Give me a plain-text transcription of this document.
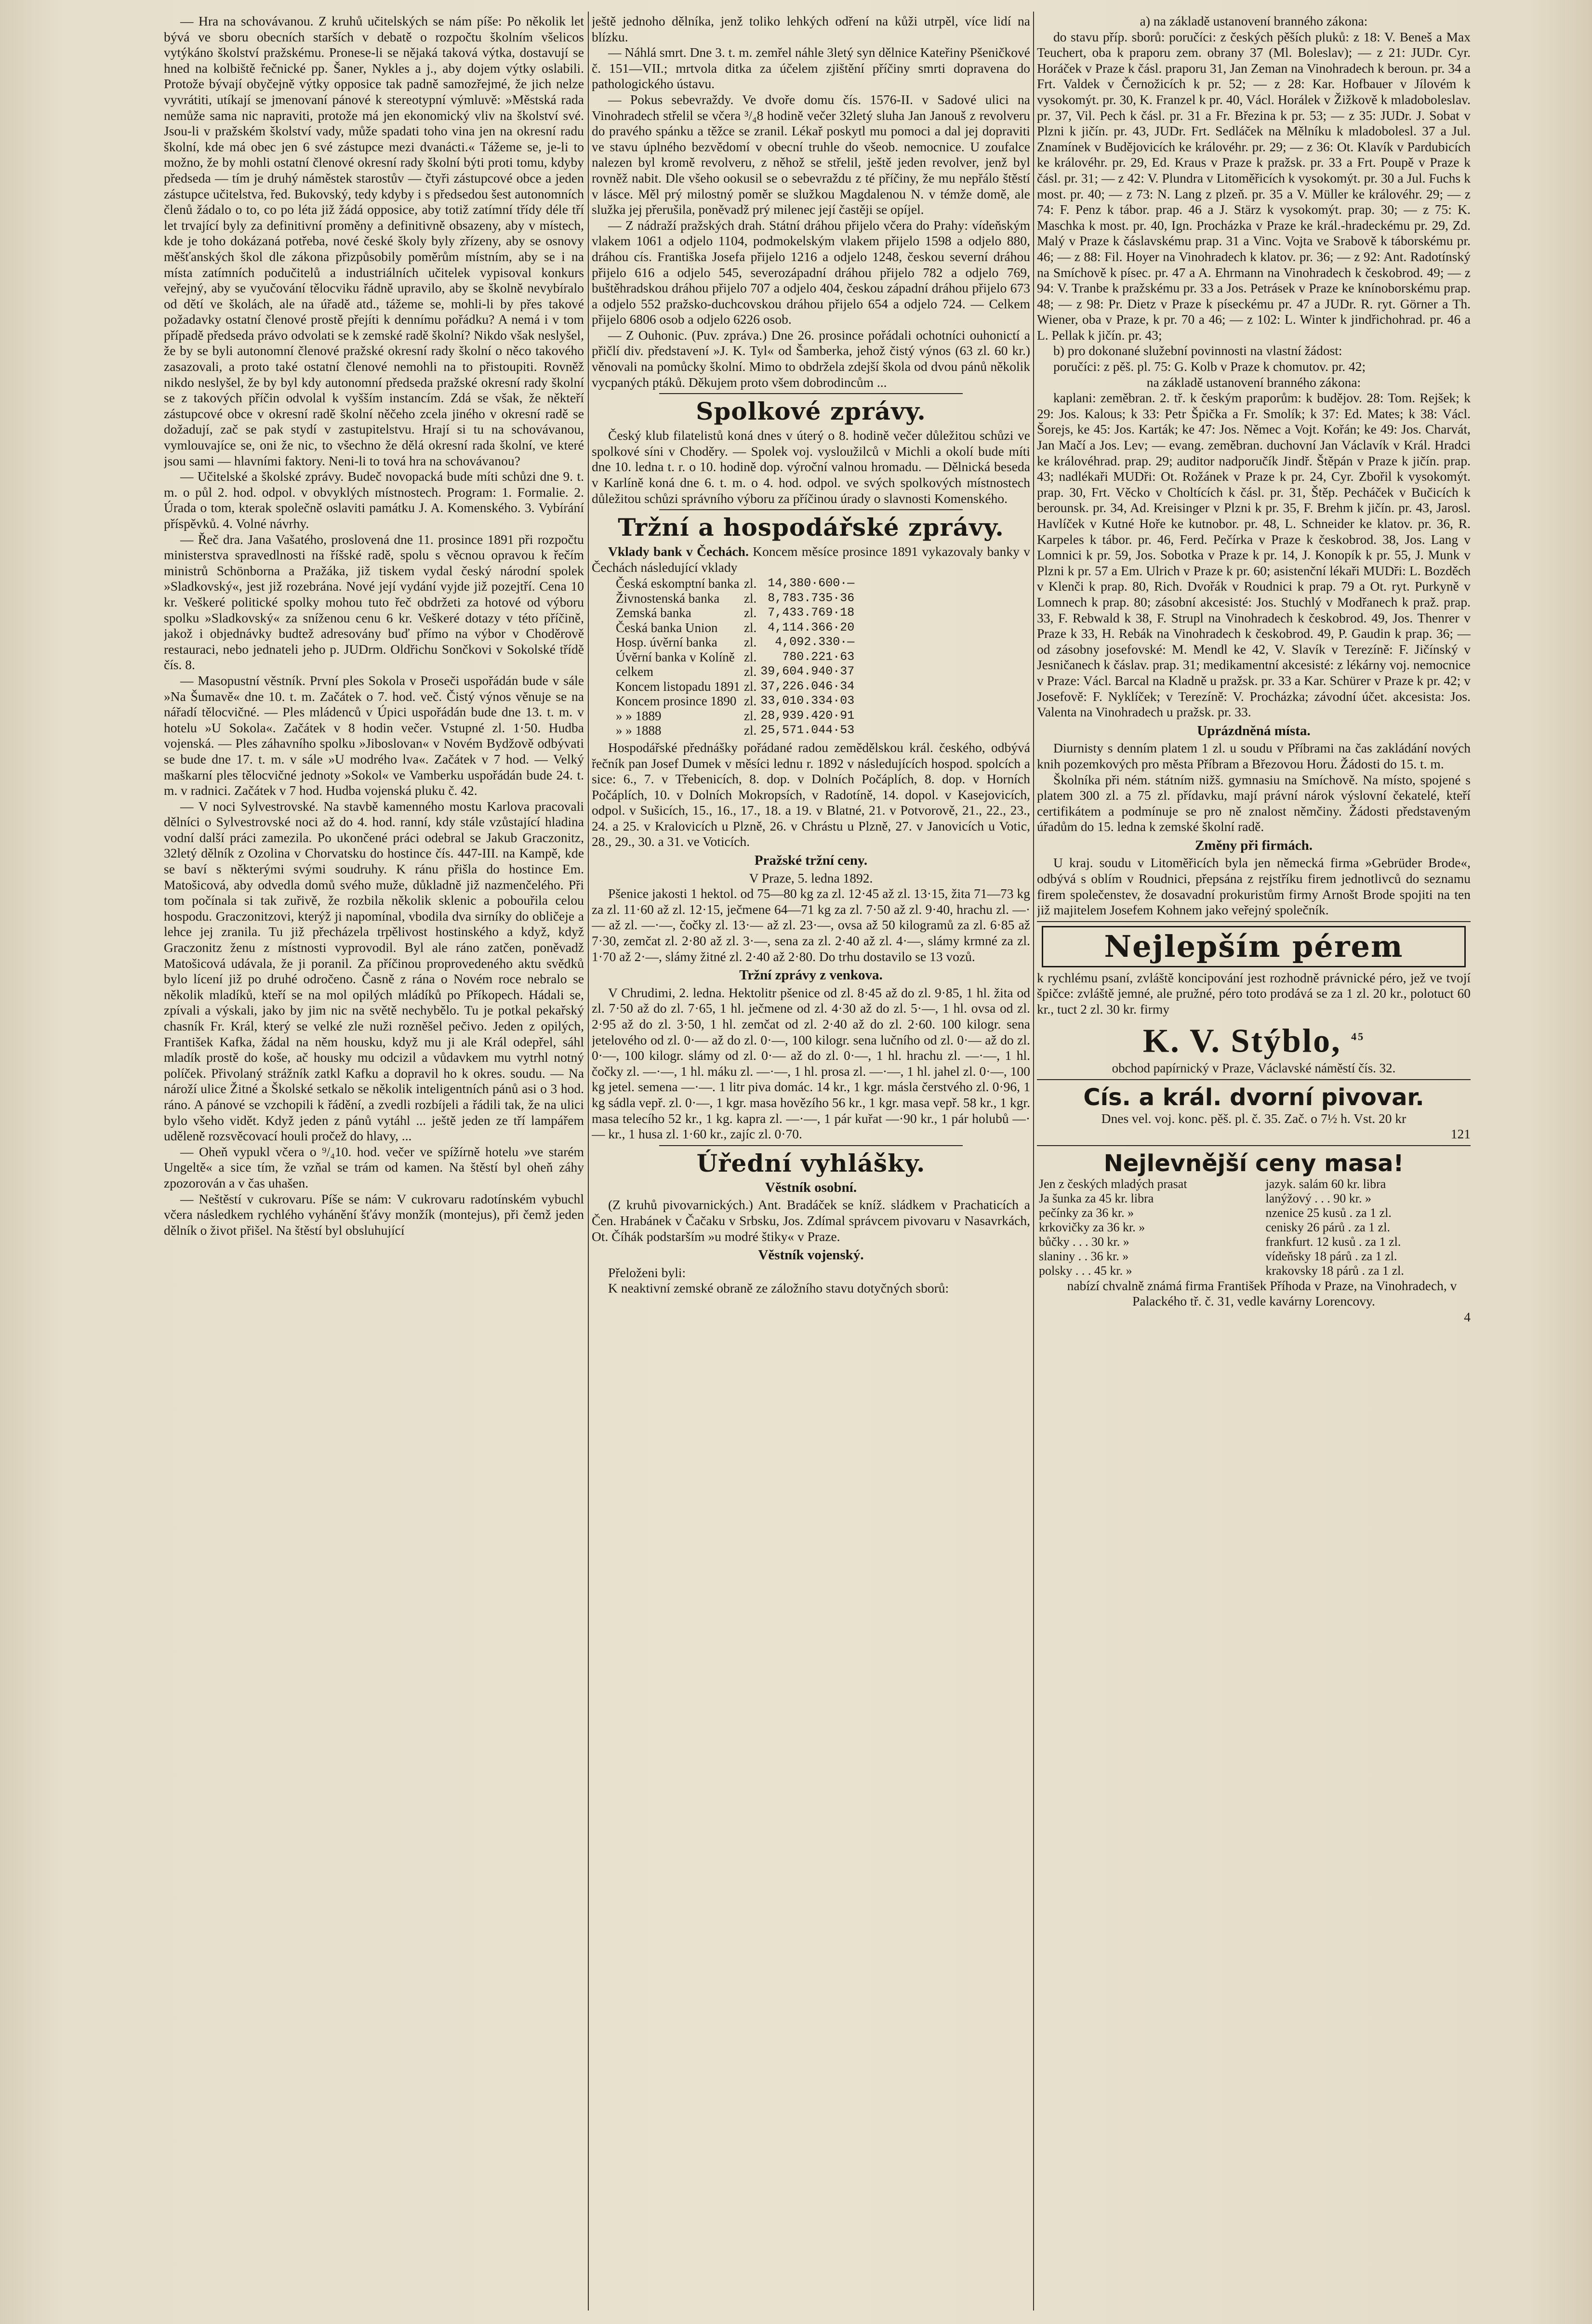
— Hra na schovávanou. Z kruhů učitelských se nám píše: Po několik let bývá ve sboru obecních starších v debatě o rozpočtu školním všelicos vytýkáno školství pražskému. Pronese-li se nějaká taková výtka, dostavují se hned na kolbiště řečnické pp. Šaner, Nykles a j., aby dojem výtky oslabili. Protože bývají obyčejně výtky opposice tak padně samozřejmé, že jich nelze vyvrátiti, utíkají se jmenovaní pánové k stereotypní výmluvě: »Městská rada nemůže sama nic napraviti, protože má jen ekonomický vliv na školství své. Jsou-li v pražském školství vady, může spadati toho vina jen na okresní radu školní, kde má obec jen 6 své zástupce mezi dvanácti.« Tážeme se, je-li to možno, že by mohli ostatní členové okresní rady školní býti proti tomu, kdyby předseda — tím je druhý náměstek starostův — čtyři zástupcové obce a jeden zástupce učitelstva, řed. Bukovský, tedy kdyby i s předsedou šest autonomních členů žádalo o to, co po léta již žádá opposice, aby totiž zatímní třídy déle tří let trvající byly za definitivní proměny a definitivně obsazeny, aby v místech, kde je toho dokázaná potřeba, nové české školy byly zřízeny, aby se osnovy měšťanských škol dle zákona přizpůsobily poměrům místním, aby se i na místa zatímních podučitelů a industriálních učitelek vypisoval konkurs veřejný, aby se vyučování tělocviku řádně upravilo, aby se školně nevybíralo od dětí ve školách, ale na úřadě atd., tážeme se, mohli-li by přes takové požadavky ostatní členové prostě přejíti k dennímu pořádku? A nemá i v tom případě předseda právo odvolati se k zemské radě školní? Nikdo však neslyšel, že by se byli autonomní členové pražské okresní rady školní o něco takového zasazovali, a proto také ostatní členové nemohli na to přistoupiti. Rovněž nikdo neslyšel, že by byl kdy autonomní předseda pražské okresní rady školní se z takových příčin odvolal k vyšším instancím. Zdá se však, že někteří zástupcové obce v okresní radě školní něčeho zcela jiného v okresní radě se dožadují, zač se pak stydí v zastupitelstvu. Hrají si tu na schovávanou, vymlouvajíce se, oni že nic, to všechno že dělá okresní rada školní, ve které jsou sami — hlavními faktory. Neni-li to tová hra na schovávanou?

— Učitelské a školské zprávy. Budeč novopacká bude míti schůzi dne 9. t. m. o půl 2. hod. odpol. v obvyklých místnostech. Program: 1. Formalie. 2. Úrada o tom, kterak společně oslaviti památku J. A. Komenského. 3. Vybírání příspěvků. 4. Volné návrhy.

— Řeč dra. Jana Vašatého, proslovená dne 11. prosince 1891 při rozpočtu ministerstva spravedlnosti na říšské radě, spolu s věcnou opravou k řečím ministrů Schönborna a Pražáka, již tiskem vydal český národní spolek »Sladkovský«, jest již rozebrána. Nové její vydání vyjde již pozejtří. Cena 10 kr. Veškeré politické spolky mohou tuto řeč obdržeti za hotové od výboru spolku »Sladkovský« za sníženou cenu 6 kr. Veškeré dotazy v této příčině, jakož i objednávky budtež adresovány buď přímo na výbor v Choděrově restauraci, nebo jednateli jeho p. JUDrm. Oldřichu Sončkovi v Sokolské třídě čís. 8.

— Masopustní věstník. První ples Sokola v Proseči uspořádán bude v sále »Na Šumavě« dne 10. t. m. Začátek o 7. hod. več. Čistý výnos věnuje se na nářadí tělocvičné. — Ples mládenců v Úpici uspořádán bude dne 13. t. m. v hotelu »U Sokola«. Začátek v 8 hodin večer. Vstupné zl. 1·50. Hudba vojenská. — Ples záhavního spolku »Jiboslovan« v Novém Bydžově odbývati se bude dne 17. t. m. v sále »U modrého lva«. Začátek v 7 hod. — Velký maškarní ples tělocvičné jednoty »Sokol« ve Vamberku uspořádán bude 24. t. m. v radnici. Začátek v 7 hod. Hudba vojenská pluku č. 42.

— V noci Sylvestrovské. Na stavbě kamenného mostu Karlova pracovali dělníci o Sylvestrovské noci až do 4. hod. ranní, kdy stále vzůstající hladina vodní další práci zamezila. Po ukončené práci odebral se Jakub Graczonitz, 32letý dělník z Ozolina v Chorvatsku do hostince čís. 447-III. na Kampě, kde se baví s některými svými soudruhy. K ránu přišla do hostince Em. Matošicová, aby odvedla domů svého muže, důkladně již nazmenčelého. Při tom počínala si tak zuřivě, že rozbila několik sklenic a pobouřila celou hospodu. Graczonitzovi, kterýž ji napomínal, vbodila dva sirníky do obličeje a lehce jej zranila. Tu již přecházela trpělivost hostinského a když, když Graczonitz ženu z místnosti vyprovodil. Byl ale ráno zatčen, poněvadž Matošicová udávala, že ji poranil. Za příčinou proprovedeného aktu svědků bylo lícení již po druhé odročeno. Časně z rána o Novém roce nebralo se několik mladíků, kteří se na mol opilých mládíků po Příkopech. Hádali se, zpívali a výskali, jako by jim nic na světě nechybělo. Tu je potkal pekařský chasník Fr. Král, který se velké zle nuži rozněšel pečivo. Jeden z opilých, František Kafka, žádal na něm housku, když mu ji ale Král odepřel, sáhl mladík prostě do koše, ač housky mu odcizil a vůdavkem mu vytrhl notný políček. Přivolaný strážník zatkl Kafku a dopravil ho k okres. soudu. — Na nároží ulice Žitné a Školské setkalo se několik inteligentních pánů asi o 3 hod. ráno. A pánové se vzchopili k řádění, a zvedli rozbíjeli a řádili tak, že na ulici bylo všeho vidět. Když jeden z pánů vytáhl ... ještě jeden ze tří lampářem uděleně rozsvěcovací houli pročež do hlavy, ...

— Oheň vypukl včera o ⁹/₄10. hod. večer ve spížírně hotelu »ve starém Ungeltě« a sice tím, že vzňal se trám od kamen. Na štěstí byl oheň záhy zpozorován a v čas uhašen.

— Neštěstí v cukrovaru. Píše se nám: V cukrovaru radotínském vybuchl včera následkem rychlého vyhánění šťávy monžík (montejus), při čemž jeden dělník o život přišel. Na štěstí byl obsluhující

ještě jednoho dělníka, jenž toliko lehkých odření na kůži utrpěl, více lidí na blízku.

— Náhlá smrt. Dne 3. t. m. zemřel náhle 3letý syn dělnice Kateřiny Pšeničkové č. 151—VII.; mrtvola ditka za účelem zjištění příčiny smrti dopravena do pathologického ústavu.

— Pokus sebevraždy. Ve dvoře domu čís. 1576-II. v Sadové ulici na Vinohradech střelil se včera ³/₄8 hodině večer 32letý sluha Jan Janouš z revolveru do pravého spánku a těžce se zranil. Lékař poskytl mu pomoci a dal jej dopraviti ve stavu úplného bezvědomí v obecní truhle do všeob. nemocnice. U zoufalce nalezen byl kromě revolveru, z něhož se střelil, ještě jeden revolver, jenž byl rovněž nabit. Dle všeho ookusil se o sebevraždu z té příčiny, že mu nepřálo štěstí v lásce. Měl prý milostný poměr se služkou Magdalenou N. v témže domě, ale služka jej přerušila, poněvadž prý milenec její častěji se opíjel.

— Z nádraží pražských drah. Státní dráhou přijelo včera do Prahy: vídeňským vlakem 1061 a odjelo 1104, podmokelským vlakem přijelo 1598 a odjelo 880, dráhou cís. Františka Josefa přijelo 1216 a odjelo 1248, českou severní dráhou přijelo 616 a odjelo 545, severozápadní dráhou přijelo 782 a odjelo 769, buštěhradskou dráhou přijelo 707 a odjelo 404, českou západní dráhou přijelo 673 a odjelo 552 pražsko-duchcovskou dráhou přijelo 654 a odjelo 724. — Celkem přijelo 6806 osob a odjelo 6226 osob.

— Z Ouhonic. (Puv. zpráva.) Dne 26. prosince pořádali ochotníci ouhonictí a přičlí div. představení »J. K. Tyl« od Šamberka, jehož čistý výnos (63 zl. 60 kr.) věnovali na pomůcky školní. Mimo to obdržela zdejší škola od dvou pánů několik vycpaných ptáků. Děkujem proto všem dobrodincům ...

Spolkové zprávy.

Český klub filatelistů koná dnes v úterý o 8. hodině večer důležitou schůzi ve spolkové síni v Choděry. — Spolek voj. vysloužilců v Michli a okolí bude míti dne 10. ledna t. r. o 10. hodině dop. výroční valnou hromadu. — Dělnická beseda v Karlíně koná dne 6. t. m. o 4. hod. odpol. ve svých spolkových místnostech důležitou schůzi správního výboru za příčinou úrady o slavnosti Komenského.

Tržní a hospodářské zprávy.

Vklady bank v Čechách. Koncem měsíce prosince 1891 vykazovaly banky v Čechách následující vklady

Česká eskomptní banka	zl.	14,380·600·—
Živnostenská banka	zl.	8,783.735·36
Zemská banka	zl.	7,433.769·18
Česká banka Union	zl.	4,114.366·20
Hosp. úvěrní banka	zl.	4,092.330·—
Úvěrní banka v Kolíně	zl.	780.221·63
celkem	zl.	39,604.940·37
Koncem listopadu 1891	zl.	37,226.046·34
Koncem prosince 1890	zl.	33,010.334·03
» » 1889	zl.	28,939.420·91
» » 1888	zl.	25,571.044·53

Hospodářské přednášky pořádané radou zemědělskou král. českého, odbývá řečník pan Josef Dumek v měsíci lednu r. 1892 v následujících hospod. spolcích a sice: 6., 7. v Třebenicích, 8. dop. v Dolních Počáplích, 8. dop. v Horních Počáplích, 10. v Dolních Mokropsích, v Radotíně, 14. dopol. v Kasejovicích, odpol. v Sušicích, 15., 16., 17., 18. a 19. v Blatné, 21. v Potvorově, 21., 22., 23., 24. a 25. v Kralovicích u Plzně, 26. v Chrástu u Plzně, 27. v Janovicích u Votic, 28., 29., 30. a 31. ve Voticích.

Pražské tržní ceny.
V Praze, 5. ledna 1892.

Pšenice jakosti 1 hektol. od 75—80 kg za zl. 12·45 až zl. 13·15, žita 71—73 kg za zl. 11·60 až zl. 12·15, ječmene 64—71 kg za zl. 7·50 až zl. 9·40, hrachu zl. —·— až zl. —·—, čočky zl. 13·— až zl. 23·—, ovsa až 50 kilogramů za zl. 6·85 až 7·30, zemčat zl. 2·80 až zl. 3·—, sena za zl. 2·40 až zl. 4·—, slámy krmné za zl. 1·70 až 2·—, slámy žitné zl. 2·40 až 2·80. Do trhu dostavilo se 13 vozů.

Tržní zprávy z venkova.

V Chrudimi, 2. ledna. Hektolitr pšenice od zl. 8·45 až do zl. 9·85, 1 hl. žita od zl. 7·50 až do zl. 7·65, 1 hl. ječmene od zl. 4·30 až do zl. 5·—, 1 hl. ovsa od zl. 2·95 až do zl. 3·50, 1 hl. zemčat od zl. 2·40 až do zl. 2·60. 100 kilogr. sena jetelového od zl. 0·— až do zl. 0·—, 100 kilogr. sena lučního od zl. 0·— až do zl. 0·—, 100 kilogr. slámy od zl. 0·— až do zl. 0·—, 1 hl. hrachu zl. —·—, 1 hl. čočky zl. —·—, 1 hl. máku zl. —·—, 1 hl. prosa zl. —·—, 1 hl. jahel zl. 0·—, 100 kg jetel. semena —·—. 1 litr piva domác. 14 kr., 1 kgr. másla čerstvého zl. 0·96, 1 kg sádla vepř. zl. 0·—, 1 kgr. masa hovězího 56 kr., 1 kgr. masa vepř. 58 kr., 1 kgr. masa telecího 52 kr., 1 kg. kapra zl. —·—, 1 pár kuřat —·90 kr., 1 pár holubů —·— kr., 1 husa zl. 1·60 kr., zajíc zl. 0·70.

Úřední vyhlášky.
Věstník osobní.

(Z kruhů pivovarnických.) Ant. Bradáček se kníž. sládkem v Prachaticích a Čen. Hrabánek v Čačaku v Srbsku, Jos. Zdímal správcem pivovaru v Nasavrkách, Ot. Číhák podstarším »u modré štiky« v Praze.

Věstník vojenský.

Přeloženi byli:

K neaktivní zemské obraně ze záložního stavu dotyčných sborů:

a) na základě ustanovení branného zákona:

do stavu příp. sborů: poručíci: z českých pěších pluků: z 18: V. Beneš a Max Teuchert, oba k praporu zem. obrany 37 (Ml. Boleslav); — z 21: JUDr. Cyr. Horáček v Praze k čásl. praporu 31, Jan Zeman na Vinohradech k beroun. pr. 34 a Frt. Valdek v Černožicích k pr. 52; — z 28: Kar. Hofbauer v Jílovém k vysokomýt. pr. 30, K. Franzel k pr. 40, Václ. Horálek v Žižkově k mladoboleslav. pr. 37, Vil. Pech k čásl. pr. 31 a Fr. Březina k pr. 53; — z 35: JUDr. J. Sobat v Plzni k jičín. pr. 43, JUDr. Frt. Sedláček na Mělníku k mladobolesl. 37 a Jul. Znamínek v Budějovicích ke královéhr. pr. 29; — z 36: Ot. Klavík v Pardubicích ke královéhr. pr. 29, Ed. Kraus v Praze k pražsk. pr. 33 a Frt. Poupě v Praze k čásl. pr. 31; — z 42: V. Plundra v Litoměřicích k vysokomýt. pr. 30 a Jul. Fuchs k most. pr. 40; — z 73: N. Lang z plzeň. pr. 35 a V. Müller ke královéhr. 29; — z 74: F. Penz k tábor. prap. 46 a J. Stärz k vysokomýt. prap. 30; — z 75: K. Maschka k most. pr. 40, Ign. Procházka v Praze ke král.-hradeckému pr. 29, Zd. Malý v Praze k čáslavskému prap. 31 a Vinc. Vojta ve Srabově k táborskému pr. 46; — z 88: Fil. Hoyer na Vinohradech k klatov. pr. 36; — z 92: Ant. Radotínský na Smíchově k písec. pr. 47 a A. Ehrmann na Vinohradech k českobrod. 49; — z 94: V. Tranbe k pražskému pr. 33 a Jos. Petrásek v Praze ke knínoborskému prap. 48; — z 98: Pr. Dietz v Praze k píseckému pr. 47 a JUDr. R. ryt. Görner a Th. Wiener, oba v Praze, k pr. 70 a 46; — z 102: L. Winter k jindřichohrad. pr. 46 a L. Pellak k jičín. pr. 43;

b) pro dokonané služební povinnosti na vlastní žádost:

poručíci: z pěš. pl. 75: G. Kolb v Praze k chomutov. pr. 42;

na základě ustanovení branného zákona:

kaplani: zeměbran. 2. tř. k českým praporům: k budějov. 28: Tom. Rejšek; k 29: Jos. Kalous; k 33: Petr Špička a Fr. Smolík; k 37: Ed. Mates; k 38: Václ. Šorejs, ke 45: Jos. Karták; ke 47: Jos. Němec a Vojt. Kořán; ke 49: Jos. Charvát, Jan Mačí a Jos. Lev; — evang. zeměbran. duchovní Jan Václavík v Král. Hradci ke královéhrad. prap. 29; auditor nadporučík Jindř. Štěpán v Praze k jičín. prap. 43; nadlékaři MUDři: Ot. Rožánek v Praze k pr. 24, Cyr. Zbořil k vysokomýt. prap. 30, Frt. Věcko v Choltících k čásl. pr. 31, Štěp. Pecháček v Bučicích k berounsk. pr. 34, Ad. Kreisinger v Plzni k pr. 35, F. Brehm k jičín. pr. 43, Jarosl. Havlíček v Kutné Hoře ke kutnobor. pr. 48, L. Schneider ke klatov. pr. 36, R. Karpeles k tábor. pr. 46, Ferd. Pečírka v Praze k českobrod. 38, Jos. Lang v Lomnici k pr. 59, Jos. Sobotka v Praze k pr. 14, J. Konopík k pr. 55, J. Munk v Plzni k pr. 57 a Em. Ulrich v Praze k pr. 60; asistenční lékaři MUDři: L. Bozděch v Klenči k prap. 80, Rich. Dvořák v Roudnici k prap. 79 a Ot. ryt. Purkyně v Lomnech k prap. 80; zásobní akcesisté: Jos. Stuchlý v Modřanech k praž. prap. 33, F. Rebwald k 38, F. Strupl na Vinohradech k českobrod. 49, Jos. Thenrer v Praze k 33, H. Rebák na Vinohradech k českobrod. 49, P. Gaudin k prap. 36; — od zásobny josefovské: M. Mendl ke 42, V. Slavík v Terezíně: F. Jičínský v Jesničanech k čáslav. prap. 31; medikamentní akcesisté: z lékárny voj. nemocnice v Praze: Václ. Barcal na Kladně u pražsk. pr. 33 a Kar. Schürer v Praze k pr. 42; v Josefově: F. Nyklíček; v Terezíně: V. Procházka; závodní účet. akcesista: Jos. Valenta na Vinohradech u pražsk. pr. 33.

Uprázdněná místa.

Diurnisty s denním platem 1 zl. u soudu v Příbrami na čas zakládání nových knih pozemkových pro města Příbram a Březovou Horu. Žádosti do 15. t. m.

Školníka při ném. státním nižš. gymnasiu na Smíchově. Na místo, spojené s platem 300 zl. a 75 zl. přídavku, mají právní nárok výslovní čekatelé, kteří certifikátem a podmínuje se pro ně znalost němčiny. Žádosti představeným úřadům do 15. ledna k zemské školní radě.

Změny při firmách.

U kraj. soudu v Litoměřicích byla jen německá firma »Gebrüder Brode«, odbývá s oblím v Roudnici, přepsána z rejstříku firem jednotlivců do seznamu firem společenstev, že dosavadní prokuristům firmy Arnošt Brode spojiti na ten již majitelem Josefem Kohnem jako veřejný společník.

Nejlepším pérem

k rychlému psaní, zvláště koncipování jest rozhodně právnické péro, jež ve tvojí špičce: zvláště jemné, ale pružné, péro toto prodává se za 1 zl. 20 kr., polotuct 60 kr., tuct 2 zl. 30 kr. firmy

K. V. Stýblo, $^{45}$
obchod papírnický v Praze, Václavské náměstí čís. 32.
Cís. a král. dvorní pivovar.
Dnes vel. voj. konc. pěš. pl. č. 35. Zač. o 7½ h. Vst. 20 kr
121
Nejlevnější ceny masa!
Jen z českých mladých prasat		jazyk. salám 60 kr. libra
Ja šunka za 45 kr. libra		lanýžový . . . 90 kr. »
pečínky za 36 kr. »		nzenice 25 kusů . za 1 zl.
krkovičky za 36 kr. »		cenisky 26 párů . za 1 zl.
bůčky . . . 30 kr. »		frankfurt. 12 kusů . za 1 zl.
slaniny . . 36 kr. »		vídeňsky 18 párů . za 1 zl.
polsky . . . 45 kr. »		krakovsky 18 párů . za 1 zl.

nabízí chvalně známá firma František Příhoda v Praze, na Vinohradech, v Palackého tř. č. 31, vedle kavárny Lorencovy.

4
